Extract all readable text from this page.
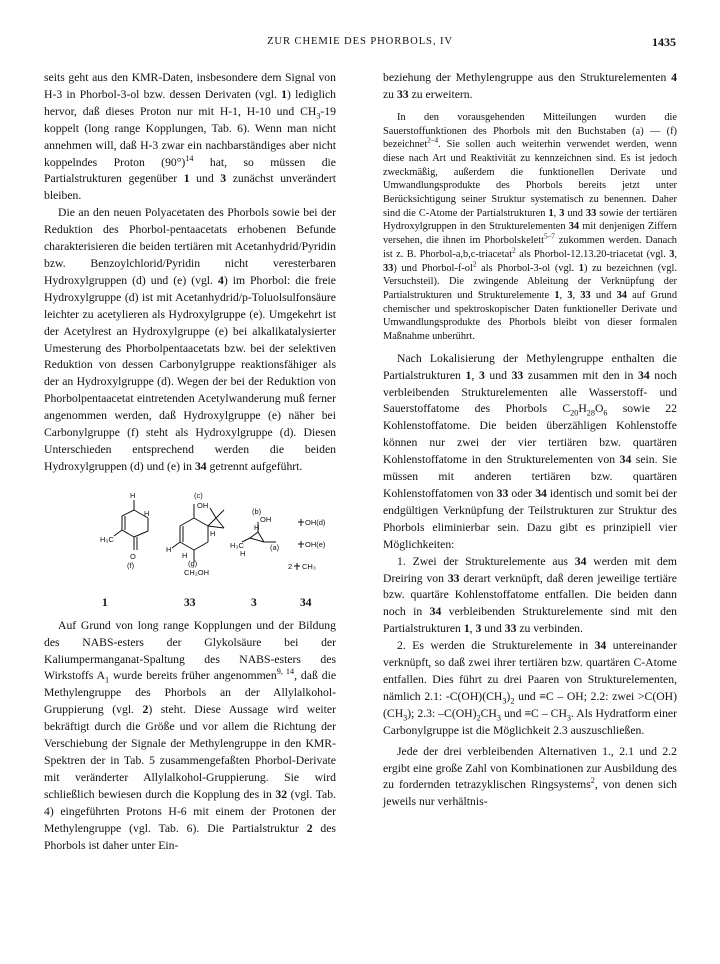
ZUR CHEMIE DES PHORBOLS, IV	1435

seits geht aus den KMR-Daten, insbesondere dem Signal von H-3 in Phorbol-3-ol bzw. dessen Derivaten (vgl. 1) lediglich hervor, daß dieses Proton nur mit H-1, H-10 und $CH_3-19$ koppelt (long range Kopplungen, Tab. 6). Wenn man nicht annehmen will, daß H-3 zwar ein nachbarständiges aber nicht koppelndes Proton $(90^\circ)^{14}$ hat, so müssen die Partialstrukturen gegenüber 1 und 3 zunächst unverändert bleiben.

Die an den neuen Polyacetaten des Phorbols sowie bei der Reduktion des Phorbol-pentaacetats erhobenen Befunde charakterisieren die beiden tertiären mit Acetanhydrid/Pyridin bzw. Benzoylchlorid/Pyridin nicht veresterbaren Hydroxylgruppen (d) und (e) (vgl. 4) im Phorbol: die freie Hydroxylgruppe (d) ist mit Acetanhydrid/p-Toluolsulfonsäure leichter zu acetylieren als Hydroxylgruppe (e). Umgekehrt ist der Acetylrest an Hydroxylgruppe (e) bei alkalikatalysierter Umesterung des Phorbolpentaacetats bzw. bei der selektiven Reduktion von dessen Carbonylgruppe reaktionsfähiger als der an Hydroxylgruppe (d). Wegen der bei der Reduktion von Phorbolpentaacetat eintretenden Acetylwanderung muß ferner angenommen werden, daß Hydroxylgruppe (e) näher bei Carbonylgruppe (f) steht als Hydroxylgruppe (d). Diesen Unterschieden entsprechend werden die beiden Hydroxylgruppen (d) und (e) in 34 getrennt aufgeführt.

H
H
H₃C
O
(f)
(c)
OH
H
(g)
CH₂OH
H
H
(b)
H₃C
H
OH
H
(a)
OH(d)
OH(e)
2 CH₃
1	33	3	34

Auf Grund von long range Kopplungen und der Bildung des NABS-esters der Glykolsäure bei der Kaliumpermanganat-Spaltung des NABS-esters des Wirkstoffs $A_1$ wurde bereits früher angenommen$^{9, 14}$, daß die Methylengruppe des Phorbols an der Allylalkohol-Gruppierung (vgl. 2) steht. Diese Aussage wird weiter bekräftigt durch die Größe und vor allem die Richtung der Verschiebung der Signale der Methylengruppe in den KMR-Spektren der in Tab. 5 zusammengefaßten Phorbol-Derivate mit veränderter Allylalkohol-Gruppierung. Sie wird schließlich bewiesen durch die Kopplung des in 32 (vgl. Tab. 4) eingeführten Protons H-6 mit einem der Protonen der Methylengruppe (vgl. Tab. 6). Die Partialstruktur 2 des Phorbols ist daher unter Ein-

beziehung der Methylengruppe aus den Strukturelementen 4 zu 33 zu erweitern.

In den vorausgehenden Mitteilungen wurden die Sauerstoffunktionen des Phorbols mit den Buchstaben (a) — (f) bezeichnet$^{2-4}$. Sie sollen auch weiterhin verwendet werden, wenn diese nach Art und Reaktivität zu kennzeichnen sind. Es ist jedoch zweckmäßig, außerdem die funktionellen Derivate und Umwandlungsprodukte des Phorbols bereits jetzt unter Berücksichtigung seiner Struktur systematisch zu benennen. Daher sind die C-Atome der Partialstrukturen 1, 3 und 33 sowie der tertiären Hydroxylgruppen in den Strukturelementen 34 mit denjenigen Ziffern versehen, die ihnen im Phorbolskelett$^{5-7}$ zukommen werden. Danach ist z. B. Phorbol-a,b,c-triacetat$^2$ als Phorbol-12.13.20-triacetat (vgl. 3, 33) und Phorbol-$f-ol^2$ als Phorbol-3-ol (vgl. 1) zu bezeichnen (vgl. Versuchsteil). Die zwingende Ableitung der Verknüpfung der Partialstrukturen und Strukturelemente 1, 3, 33 und 34 auf Grund chemischer und spektroskopischer Daten funktioneller Derivate und Umwandlungsprodukte des Phorbols bleibt von dieser formalen Maßnahme unberührt.

Nach Lokalisierung der Methylengruppe enthalten die Partialstrukturen 1, 3 und 33 zusammen mit den in 34 noch verbleibenden Strukturelementen alle Wasserstoff- und Sauerstoffatome des Phorbols $C_{20}H_{28}O_6$ sowie 22 Kohlenstoffatome. Die beiden überzähligen Kohlenstoffe können nur zwei der vier tertiären bzw. quartären Kohlenstoffatome in den Strukturelementen von 34 sein. Sie müssen mit anderen tertiären bzw. quartären Kohlenstoffatomen von 33 oder 34 identisch und somit bei der endgültigen Verknüpfung der Teilstrukturen zur Struktur des Phorbols eliminierbar sein. Dazu gibt es prinzipiell vier Möglichkeiten:

1. Zwei der Strukturelemente aus 34 werden mit dem Dreiring von 33 derart verknüpft, daß deren jeweilige tertiäre bzw. quartäre Kohlenstoffatome entfallen. Die beiden dann noch in 34 verbleibenden Strukturelemente sind mit den Partialstrukturen 1, 3 und 33 zu verbinden.

2. Es werden die Strukturelemente in 34 untereinander verknüpft, so daß zwei ihrer tertiären bzw. quartären C-Atome entfallen. Dies führt zu drei Paaren von Strukturelementen, nämlich 2.1: $-C(OH)(CH_3)_2$ und ≡C – OH; 2.2: zwei $>C(OH)(CH_3)$; 2.3: $-C(OH)_2CH_3$ und $\equiv C - CH_3$. Als Hydratform einer Carbonylgruppe ist die Möglichkeit 2.3 auszuschließen.

Jede der drei verbleibenden Alternativen 1., 2.1 und 2.2 ergibt eine große Zahl von Kombinationen zur Ausbildung des zu fordernden tetrazyklischen Ringsystems$^2$, von denen sich jeweils nur verhältnis-
